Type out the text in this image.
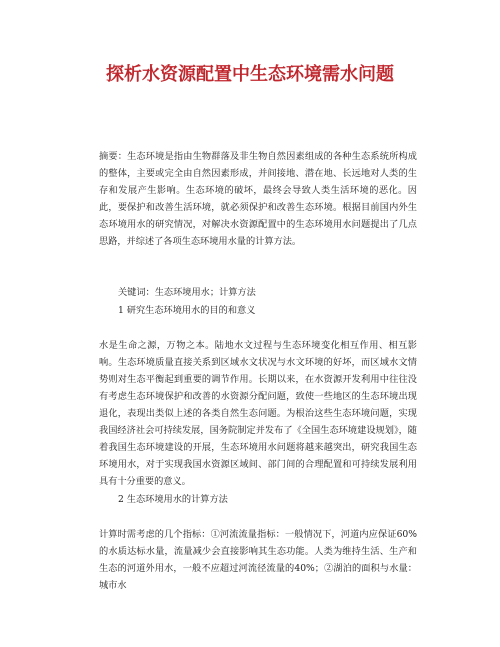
探析水资源配置中生态环境需水问题

摘要：生态环境是指由生物群落及非生物自然因素组成的各种生态系统所构成的整体，主要或完全由自然因素形成，并间接地、潜在地、长远地对人类的生存和发展产生影响。生态环境的破坏，最终会导致人类生活环境的恶化。因此，要保护和改善生活环境，就必须保护和改善生态环境。根据目前国内外生态环境用水的研究情况，对解决水资源配置中的生态环境用水问题提出了几点思路，并综述了各项生态环境用水量的计算方法。

关键词：生态环境用水；计算方法

1 研究生态环境用水的目的和意义

水是生命之源，万物之本。陆地水文过程与生态环境变化相互作用、相互影响。生态环境质量直接关系到区域水文状况与水文环境的好坏，而区域水文情势则对生态平衡起到重要的调节作用。长期以来，在水资源开发利用中往往没有考虑生态环境保护和改善的水资源分配问题，致使一些地区的生态环境出现退化，表现出类似上述的各类自然生态问题。为根治这些生态环境问题，实现我国经济社会可持续发展，国务院制定并发布了《全国生态环境建设规划》，随着我国生态环境建设的开展，生态环境用水问题将越来越突出，研究我国生态环境用水，对于实现我国水资源区域间、部门间的合理配置和可持续发展利用具有十分重要的意义。

2 生态环境用水的计算方法

计算时需考虑的几个指标：①河流流量指标：一般情况下，河道内应保证60%的水质达标水量，流量减少会直接影响其生态功能。人类为维持生活、生产和生态的河道外用水，一般不应超过河流径流量的40%；②湖泊的面积与水量：城市水
